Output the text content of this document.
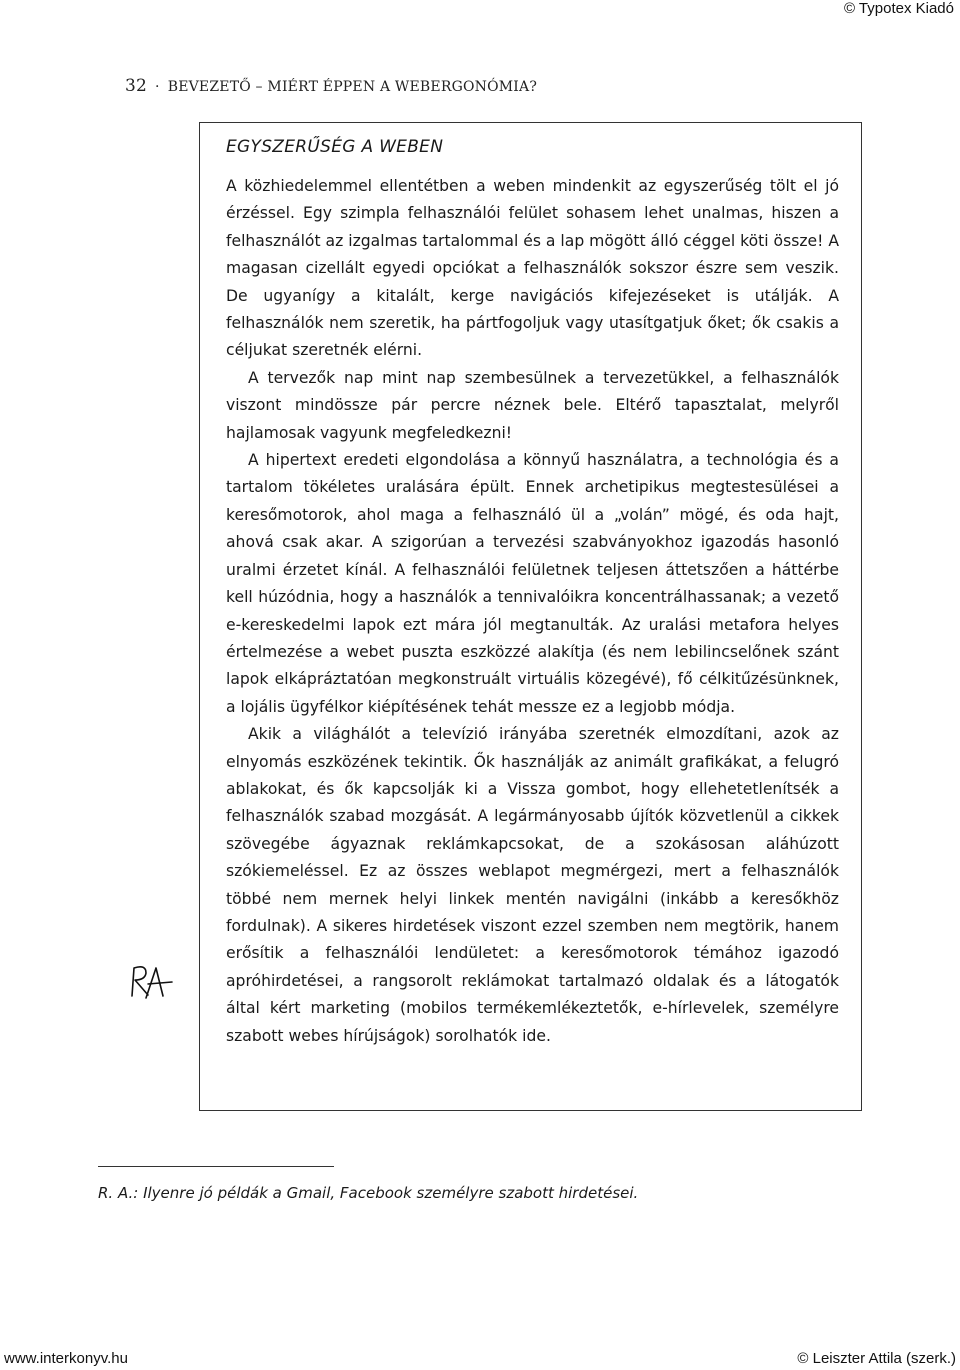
© Typotex Kiadó
32 · BEVEZETŐ – MIÉRT ÉPPEN A WEBERGONÓMIA?
EGYSZERŰSÉG A WEBEN

A közhiedelemmel ellentétben a weben mindenkit az egyszerűség tölt el jó érzéssel. Egy szimpla felhasználói felület sohasem lehet unalmas, hiszen a felhasználót az izgalmas tartalommal és a lap mögött álló céggel köti össze! A magasan cizellált egyedi opciókat a felhasználók sokszor észre sem veszik. De ugyanígy a kitalált, kerge navigációs kifejezéseket is utálják. A felhasználók nem szeretik, ha pártfogoljuk vagy utasítgatjuk őket; ők csakis a céljukat szeretnék elérni.

A tervezők nap mint nap szembesülnek a tervezetükkel, a felhasználók viszont mindössze pár percre néznek bele. Eltérő tapasztalat, melyről hajlamosak vagyunk megfeledkezni!

A hipertext eredeti elgondolása a könnyű használatra, a technológia és a tartalom tökéletes uralására épült. Ennek archetipikus megtestesülései a keresőmotorok, ahol maga a felhasználó ül a „volán” mögé, és oda hajt, ahová csak akar. A szigorúan a tervezési szabványokhoz igazodás hasonló uralmi érzetet kínál. A felhasználói felületnek teljesen áttetszően a háttérbe kell húzódnia, hogy a használók a tennivalóikra koncentrálhassanak; a vezető e-kereskedelmi lapok ezt mára jól megtanulták. Az uralási metafora helyes értelmezése a webet puszta eszközzé alakítja (és nem lebilincselőnek szánt lapok elkápráztatóan megkonstruált virtuális közegévé), fő célkitűzésünknek, a lojális ügyfélkor kiépítésének tehát messze ez a legjobb módja.

Akik a világhálót a televízió irányába szeretnék elmozdítani, azok az elnyomás eszközének tekintik. Ők használják az animált grafikákat, a felugró ablakokat, és ők kapcsolják ki a Vissza gombot, hogy ellehetetlenítsék a felhasználók szabad mozgását. A legármányosabb újítók közvetlenül a cikkek szövegébe ágyaznak reklámkapcsokat, de a szokásosan aláhúzott szókiemeléssel. Ez az összes weblapot megmérgezi, mert a felhasználók többé nem mernek helyi linkek mentén navigálni (inkább a keresőkhöz fordulnak). A sikeres hirdetések viszont ezzel szemben nem megtörik, hanem erősítik a felhasználói lendületet: a keresőmotorok témához igazodó apróhirdetései, a rangsorolt reklámokat tartalmazó oldalak és a látogatók által kért marketing (mobilos termékemlékeztetők, e-hírlevelek, személyre szabott webes hírújságok) sorolhatók ide.

R. A.: Ilyenre jó példák a Gmail, Facebook személyre szabott hirdetései.
www.interkonyv.hu	© Leiszter Attila (szerk.)
